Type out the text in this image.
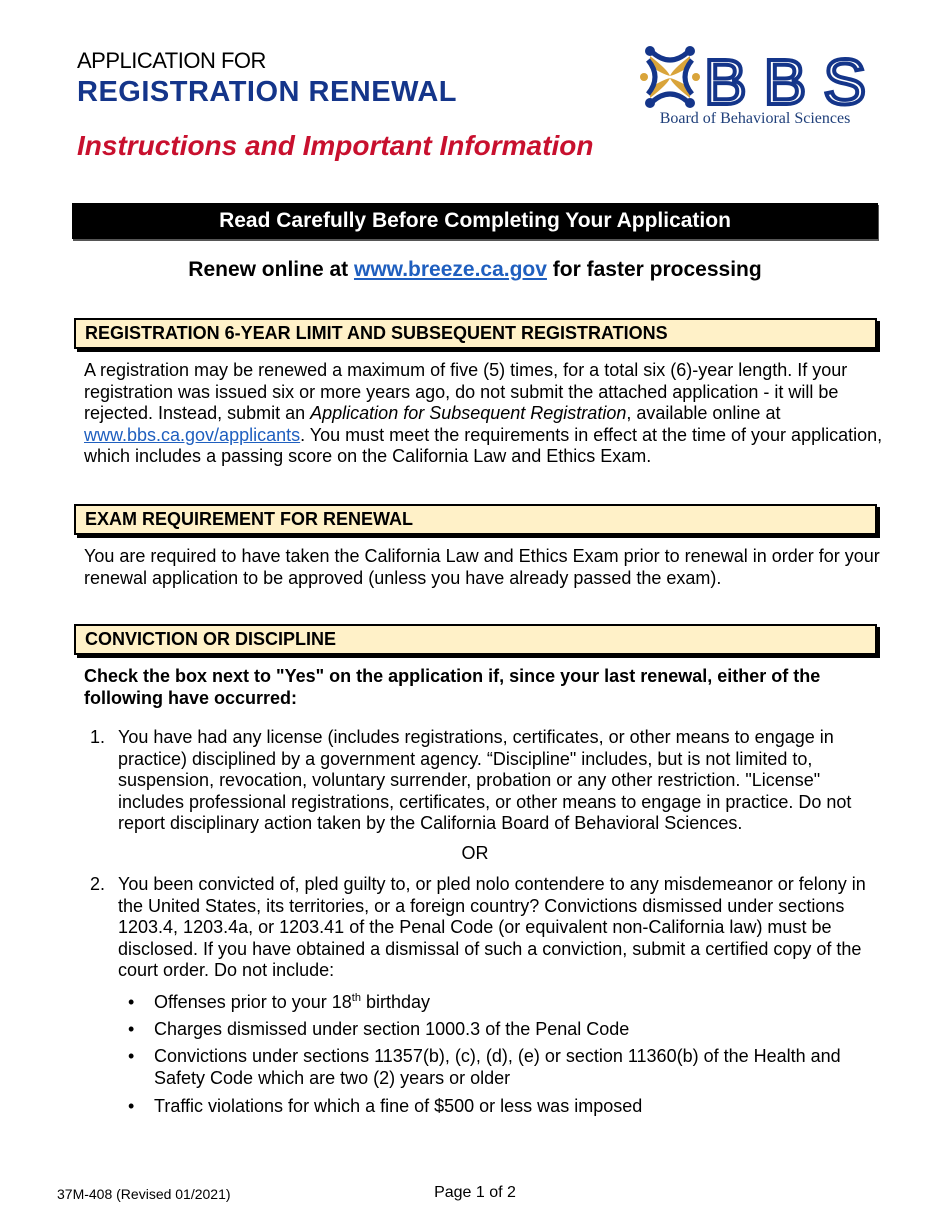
APPLICATION FOR
REGISTRATION RENEWAL
Instructions and Important Information
BBS
Board of Behavioral Sciences
Read Carefully Before Completing Your Application
Renew online at www.breeze.ca.gov for faster processing
REGISTRATION 6-YEAR LIMIT AND SUBSEQUENT REGISTRATIONS
A registration may be renewed a maximum of five (5) times, for a total six (6)-year length. If your registration was issued six or more years ago, do not submit the attached application - it will be rejected. Instead, submit an Application for Subsequent Registration, available online at www.bbs.ca.gov/applicants. You must meet the requirements in effect at the time of your application, which includes a passing score on the California Law and Ethics Exam.
EXAM REQUIREMENT FOR RENEWAL
You are required to have taken the California Law and Ethics Exam prior to renewal in order for your renewal application to be approved (unless you have already passed the exam).
CONVICTION OR DISCIPLINE
Check the box next to "Yes" on the application if, since your last renewal, either of the following have occurred:
1. You have had any license (includes registrations, certificates, or other means to engage in practice) disciplined by a government agency. “Discipline" includes, but is not limited to, suspension, revocation, voluntary surrender, probation or any other restriction. "License" includes professional registrations, certificates, or other means to engage in practice. Do not report disciplinary action taken by the California Board of Behavioral Sciences.
OR
2. You been convicted of, pled guilty to, or pled nolo contendere to any misdemeanor or felony in the United States, its territories, or a foreign country? Convictions dismissed under sections 1203.4, 1203.4a, or 1203.41 of the Penal Code (or equivalent non-California law) must be disclosed. If you have obtained a dismissal of such a conviction, submit a certified copy of the court order. Do not include:
• Offenses prior to your 18th birthday
• Charges dismissed under section 1000.3 of the Penal Code
• Convictions under sections 11357(b), (c), (d), (e) or section 11360(b) of the Health and Safety Code which are two (2) years or older
• Traffic violations for which a fine of $500 or less was imposed
37M-408 (Revised 01/2021)	Page 1 of 2
